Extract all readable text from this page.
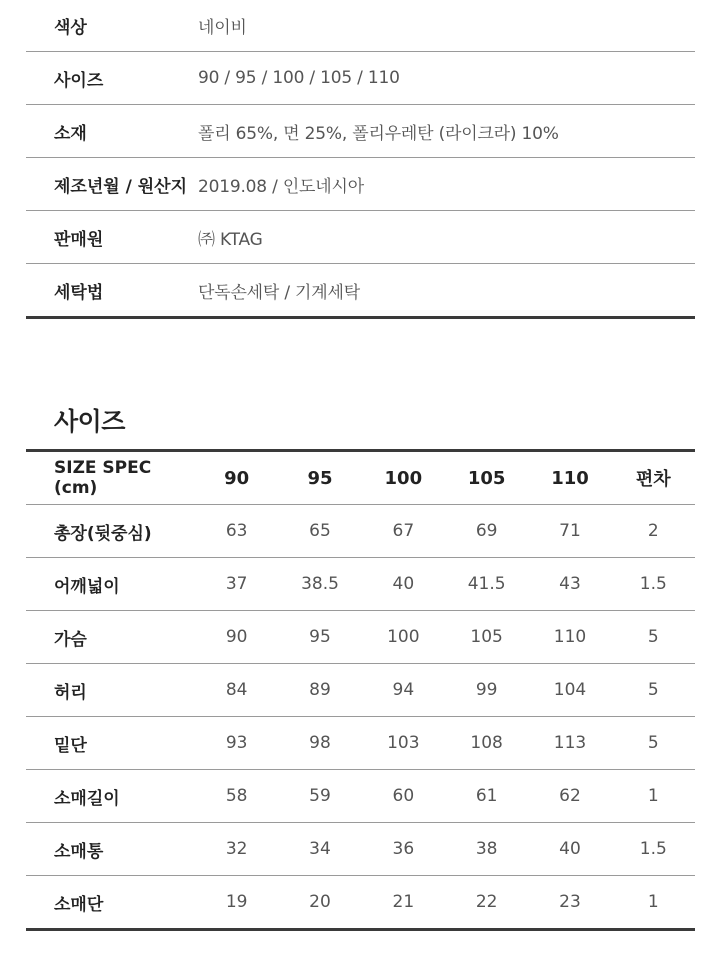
색상	네이비
사이즈	90 / 95 / 100 / 105 / 110
소재	폴리 65%, 면 25%, 폴리우레탄 (라이크라) 10%
제조년월 / 원산지	2019.08 / 인도네시아
판매원	㈜ KTAG
세탁법	단독손세탁 / 기계세탁
사이즈
SIZE SPEC (cm)	90	95	100	105	110	편차
총장(뒷중심)	63	65	67	69	71	2
어깨넓이	37	38.5	40	41.5	43	1.5
가슴	90	95	100	105	110	5
허리	84	89	94	99	104	5
밑단	93	98	103	108	113	5
소매길이	58	59	60	61	62	1
소매통	32	34	36	38	40	1.5
소매단	19	20	21	22	23	1
